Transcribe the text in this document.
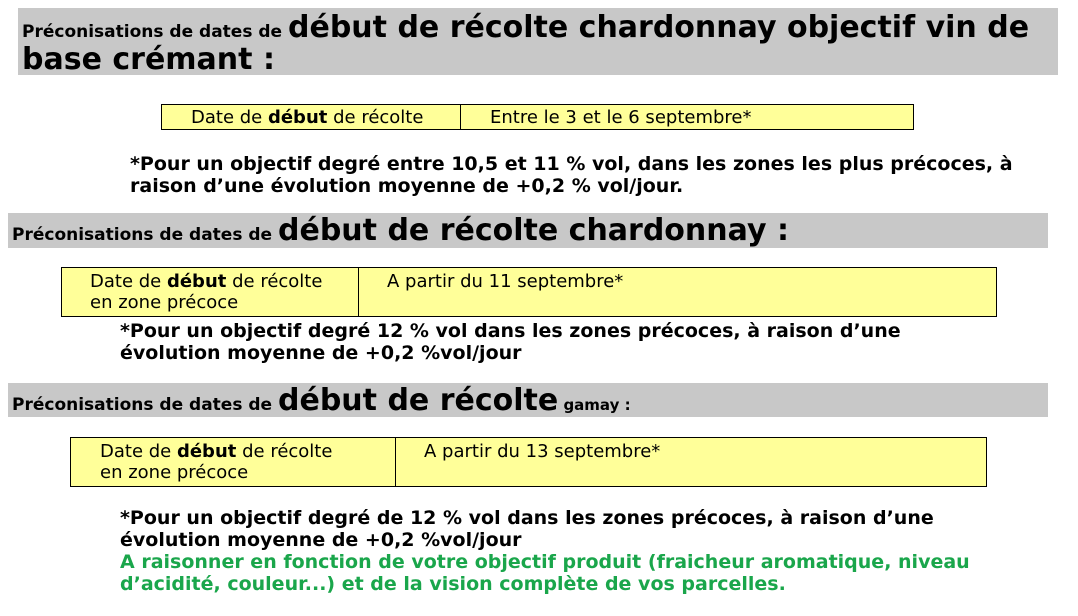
Préconisations de dates de début de récolte chardonnay objectif vin de base crémant :
Date de début de récolte	Entre le 3 et le 6 septembre*
*Pour un objectif degré entre 10,5 et 11 % vol, dans les zones les plus précoces, à
raison d’une évolution moyenne de +0,2 % vol/jour.
Préconisations de dates de début de récolte chardonnay :
Date de début de récolte
en zone précoce
A partir du 11 septembre*
*Pour un objectif degré 12 % vol dans les zones précoces, à raison d’une
évolution moyenne de +0,2 %vol/jour
Préconisations de dates de début de récolte gamay :
Date de début de récolte
en zone précoce
A partir du 13 septembre*
*Pour un objectif degré de 12 % vol dans les zones précoces, à raison d’une
évolution moyenne de +0,2 %vol/jour
A raisonner en fonction de votre objectif produit (fraicheur aromatique, niveau
d’acidité, couleur...) et de la vision complète de vos parcelles.
